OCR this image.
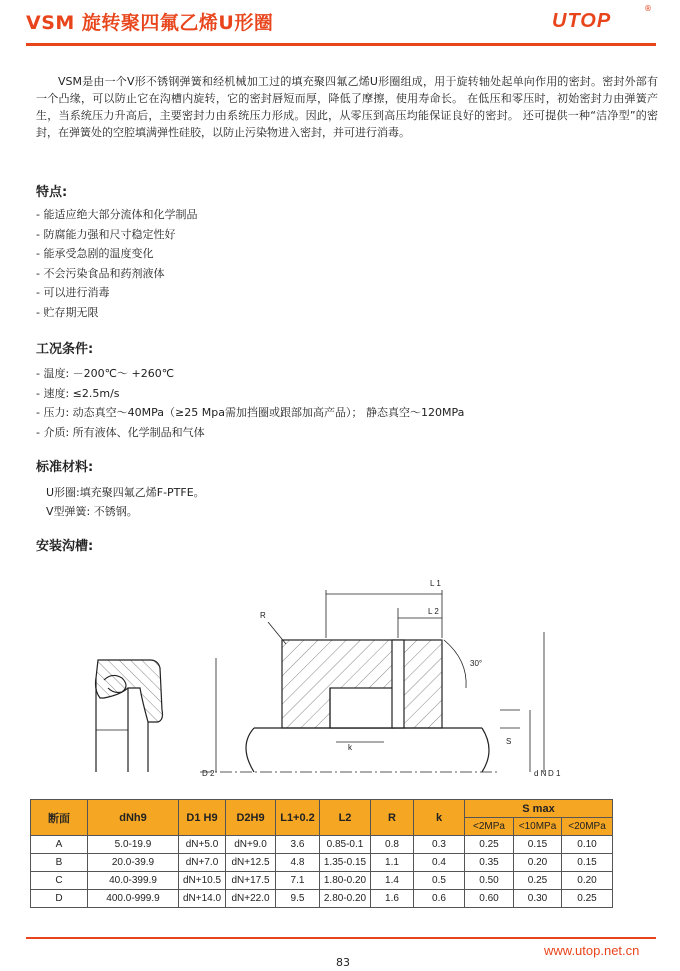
VSM 旋转聚四氟乙烯U形圈	UTOP
®
VSM是由一个V形不锈钢弹簧和经机械加工过的填充聚四氟乙烯U形圈组成，用于旋转轴处起单向作用的密封。密封外部有一个凸缘，可以防止它在沟槽内旋转，它的密封唇短而厚，降低了摩擦，使用寿命长。 在低压和零压时，初始密封力由弹簧产生，当系统压力升高后，主要密封力由系统压力形成。因此，从零压到高压均能保证良好的密封。 还可提供一种“洁净型”的密封，在弹簧处的空腔填满弹性硅胶，以防止污染物进入密封，并可进行消毒。
特点:
- 能适应绝大部分流体和化学制品
- 防腐能力强和尺寸稳定性好
- 能承受急剧的温度变化
- 不会污染食品和药剂液体
- 可以进行消毒
- 贮存期无限
工况条件:
- 温度: －200℃～ +260℃
- 速度: ≤2.5m/s
- 压力: 动态真空～40MPa（≥25 Mpa需加挡圈或跟部加高产品）； 静态真空～120MPa
- 介质: 所有液体、化学制品和气体
标准材料:
U形圈:填充聚四氟乙烯F-PTFE。
V型弹簧: 不锈钢。
安装沟槽:
L 1
L 2
R
30°
k
S
D 2	d N D 1
断面	dNh9	D1 H9	D2H9	L1+0.2	L2	R	k	S max		
								<2MPa	<10MPa	<20MPa
A	5.0-19.9	dN+5.0	dN+9.0	3.6	0.85-0.1	0.8	0.3	0.25	0.15	0.10
B	20.0-39.9	dN+7.0	dN+12.5	4.8	1.35-0.15	1.1	0.4	0.35	0.20	0.15
C	40.0-399.9	dN+10.5	dN+17.5	7.1	1.80-0.20	1.4	0.5	0.50	0.25	0.20
D	400.0-999.9	dN+14.0	dN+22.0	9.5	2.80-0.20	1.6	0.6	0.60	0.30	0.25
www.utop.net.cn
83
